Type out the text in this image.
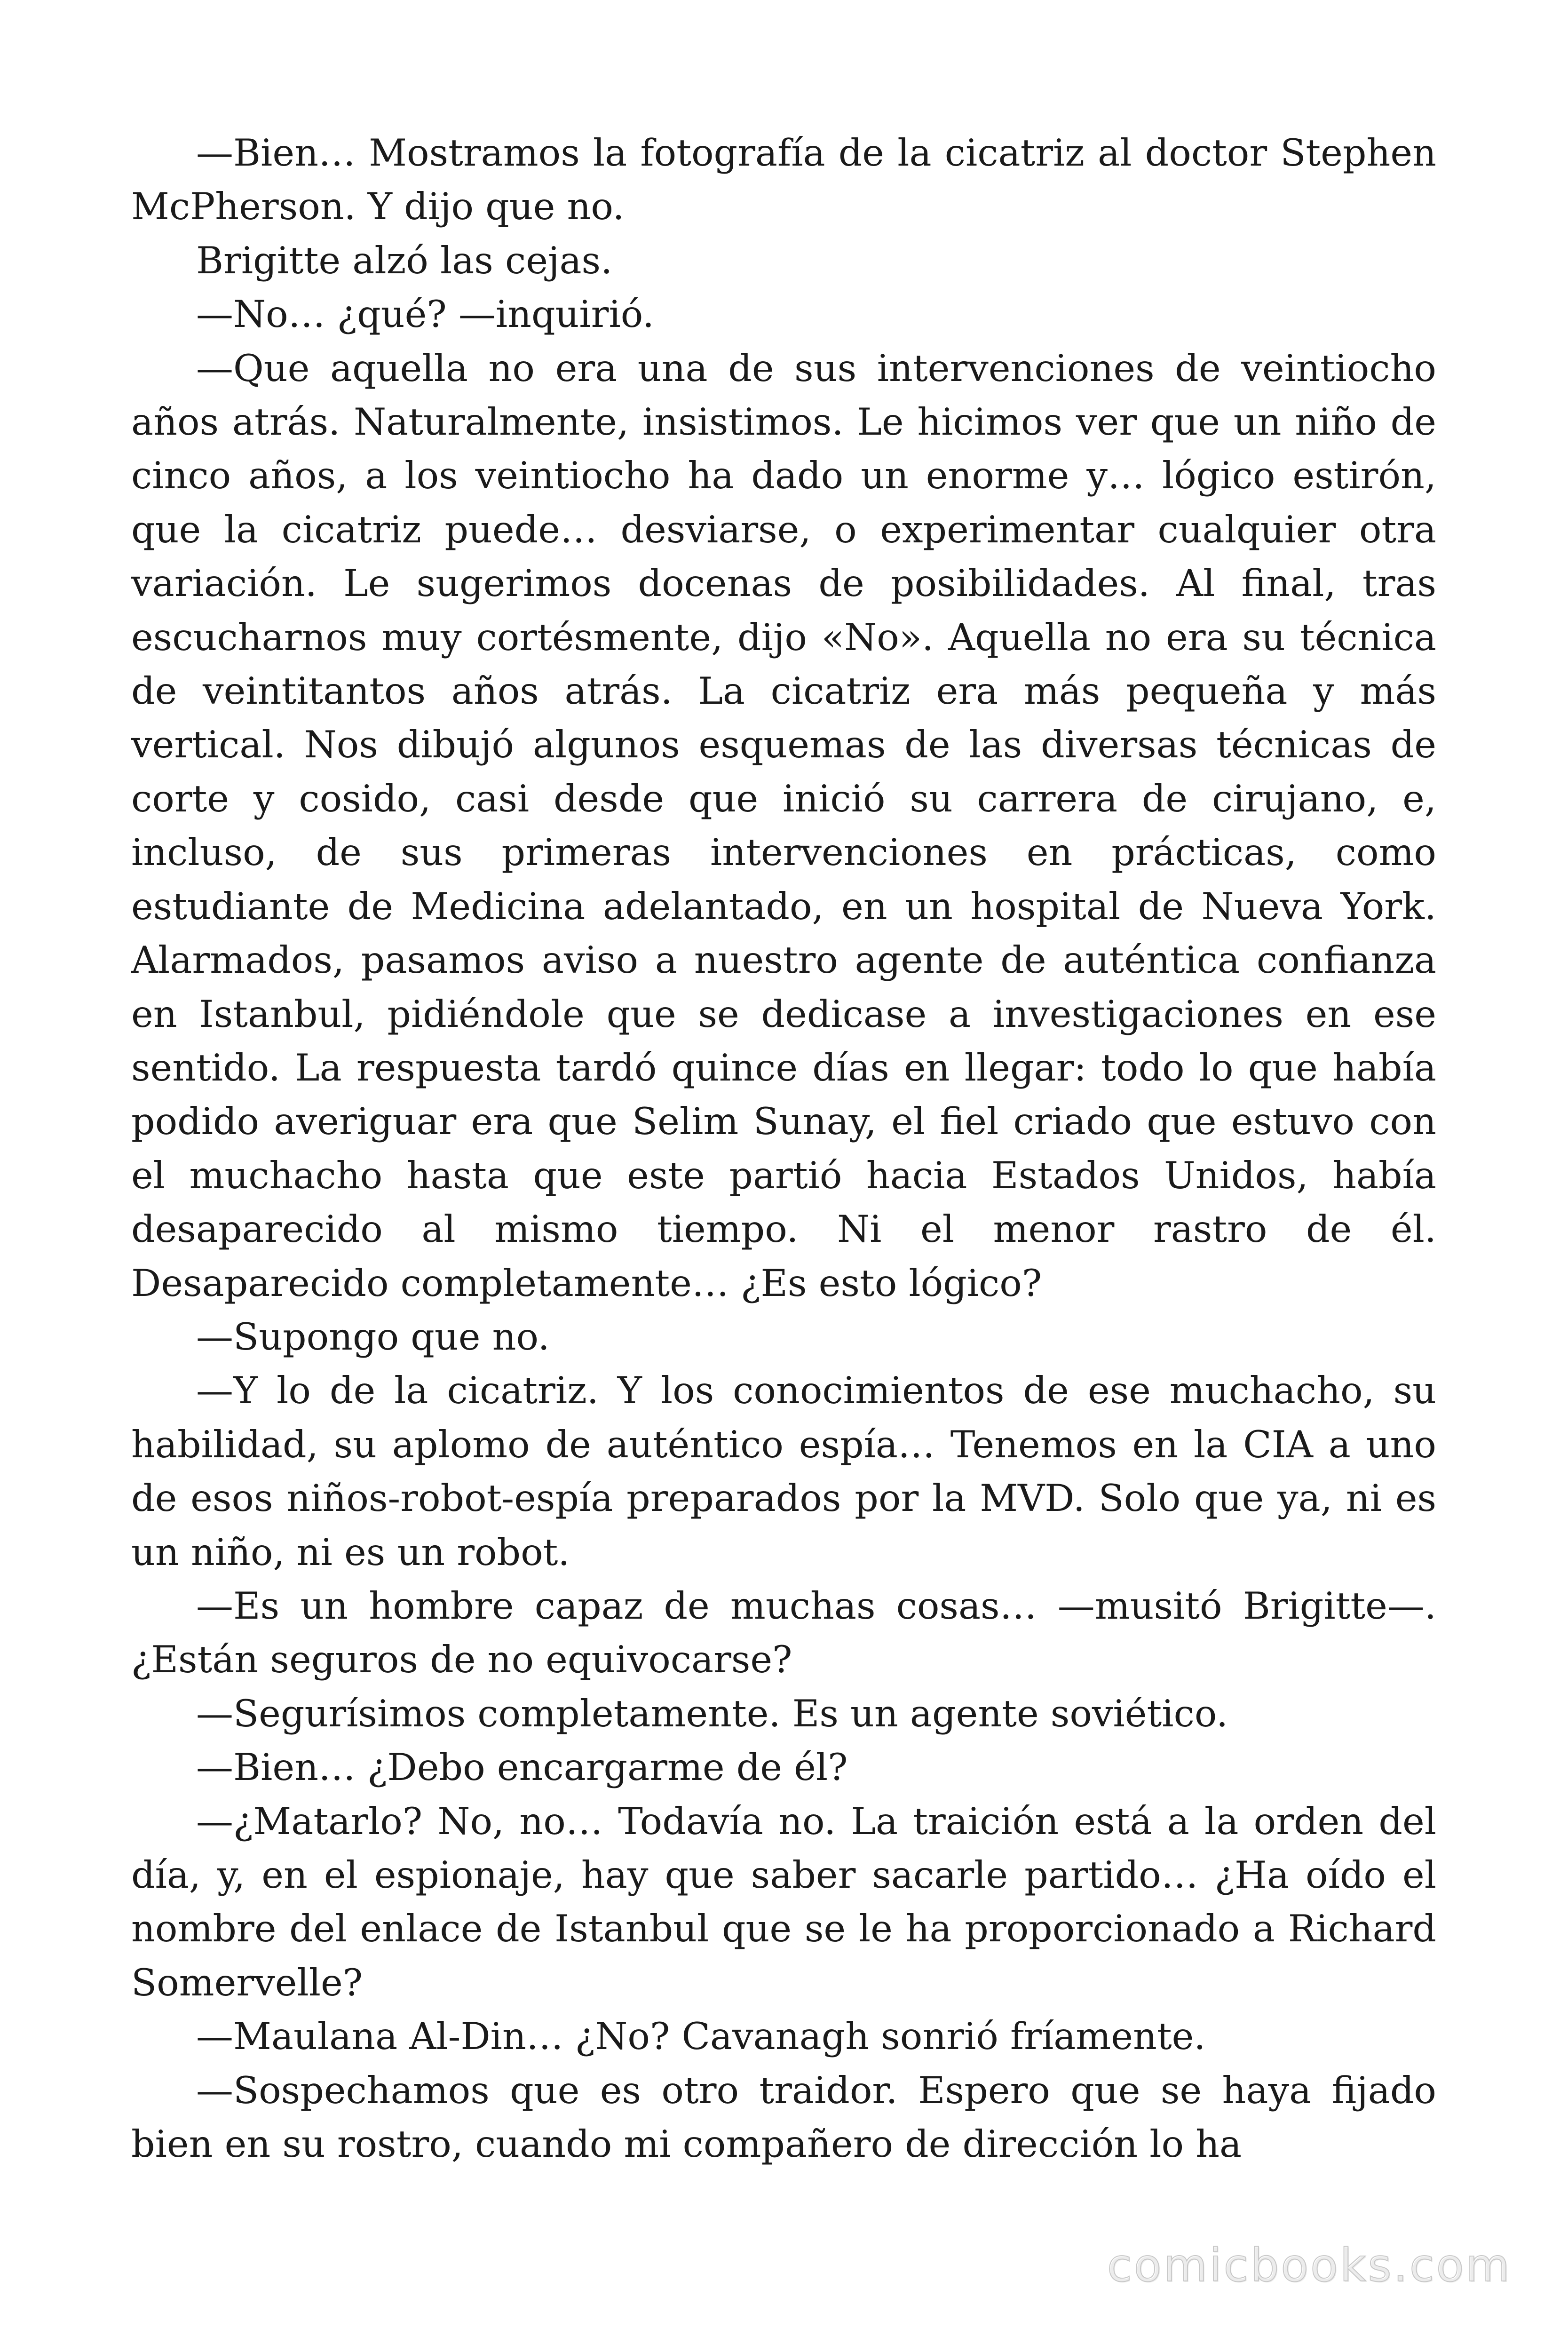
—Bien… Mostramos la fotografía de la cicatriz al doctor Stephen McPherson. Y dijo que no.

Brigitte alzó las cejas.

—No… ¿qué? —inquirió.

—Que aquella no era una de sus intervenciones de veintiocho años atrás. Naturalmente, insistimos. Le hicimos ver que un niño de cinco años, a los veintiocho ha dado un enorme y… lógico estirón, que la cicatriz puede… desviarse, o experimentar cualquier otra variación. Le sugerimos docenas de posibilidades. Al final, tras escucharnos muy cortésmente, dijo «No». Aquella no era su técnica de veintitantos años atrás. La cicatriz era más pequeña y más vertical. Nos dibujó algunos esquemas de las diversas técnicas de corte y cosido, casi desde que inició su carrera de cirujano, e, incluso, de sus primeras intervenciones en prácticas, como estudiante de Medicina adelantado, en un hospital de Nueva York. Alarmados, pasamos aviso a nuestro agente de auténtica confianza en Istanbul, pidiéndole que se dedicase a investigaciones en ese sentido. La respuesta tardó quince días en llegar: todo lo que había podido averiguar era que Selim Sunay, el fiel criado que estuvo con el muchacho hasta que este partió hacia Estados Unidos, había desaparecido al mismo tiempo. Ni el menor rastro de él. Desaparecido completamente… ¿Es esto lógico?

—Supongo que no.

—Y lo de la cicatriz. Y los conocimientos de ese muchacho, su habilidad, su aplomo de auténtico espía… Tenemos en la CIA a uno de esos niños-robot-espía preparados por la MVD. Solo que ya, ni es un niño, ni es un robot.

—Es un hombre capaz de muchas cosas… —musitó Brigitte—. ¿Están seguros de no equivocarse?

—Segurísimos completamente. Es un agente soviético.

—Bien… ¿Debo encargarme de él?

—¿Matarlo? No, no… Todavía no. La traición está a la orden del día, y, en el espionaje, hay que saber sacarle partido… ¿Ha oído el nombre del enlace de Istanbul que se le ha proporcionado a Richard Somervelle?

—Maulana Al-Din… ¿No? Cavanagh sonrió fríamente.

—Sospechamos que es otro traidor. Espero que se haya fijado bien en su rostro, cuando mi compañero de dirección lo ha

comicbooks.com
